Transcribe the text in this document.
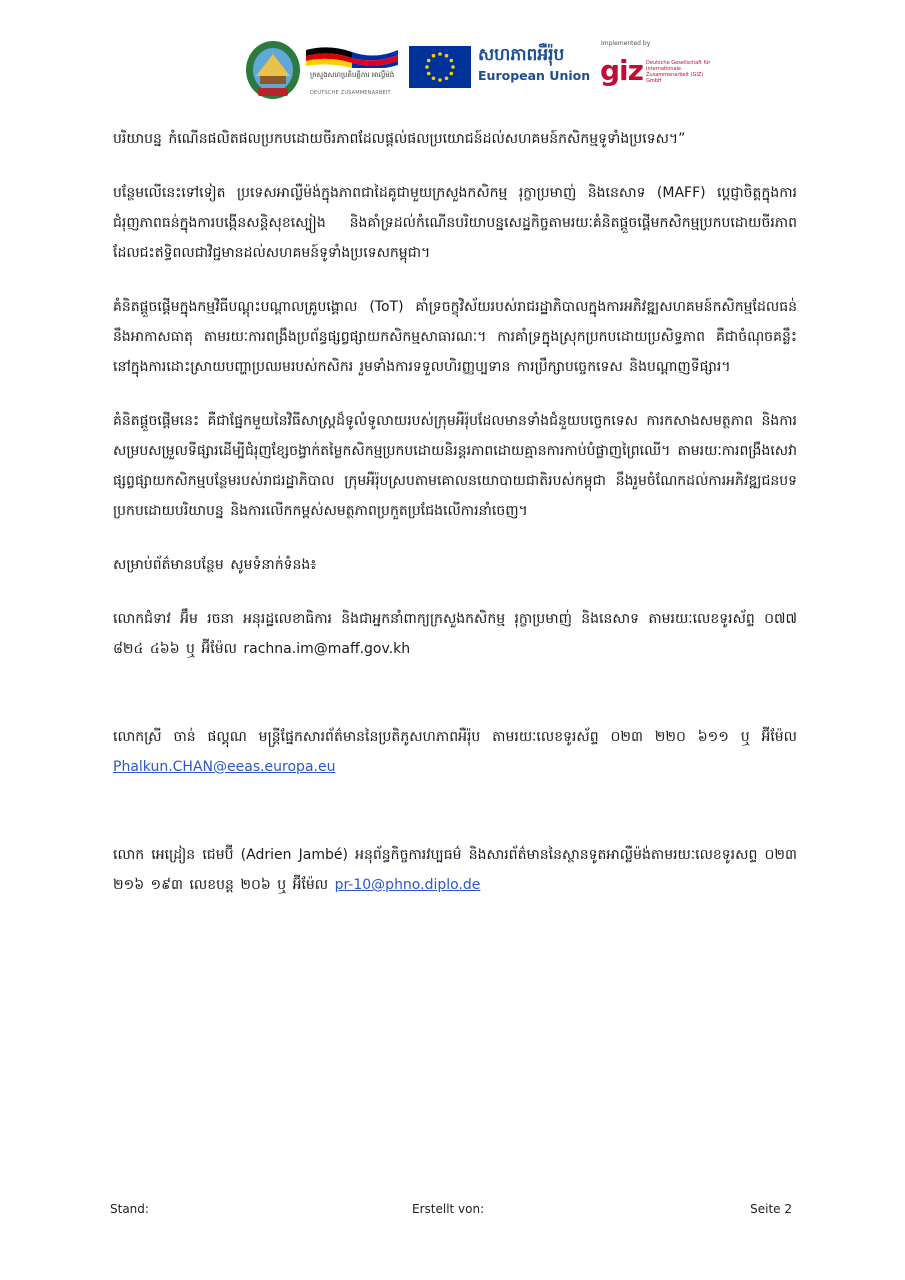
ក្រសួងសហប្រតិបត្តិការ អាល្លឺម៉ង់
DEUTSCHE ZUSAMMENARBEIT
សហភាពអឺរ៉ុប
European Union
Implemented by
giz Deutsche Gesellschaft für Internationale Zusammenarbeit (GIZ) GmbH

បរិយាបន្ន កំណើនផលិតផលប្រកបដោយចីរភាពដែលផ្តល់ផលប្រយោជន៍ដល់សហគមន៍កសិកម្មទូទាំងប្រទេស។”

បន្ថែមលើនេះទៅទៀត ប្រទេសអាល្លឺម៉ង់ក្នុងភាពជាដៃគូជាមួយក្រសួងកសិកម្ម រុក្ខាប្រមាញ់ និងនេសាទ (MAFF) ប្តេជ្ញាចិត្តក្នុងការជំរុញភាពធន់ក្នុងការបង្កើនសន្តិសុខស្បៀង និងគាំទ្រដល់កំណើនបរិយាបន្នសេដ្ឋកិច្ចតាមរយៈគំនិតផ្តួចផ្តើមកសិកម្មប្រកបដោយចីរភាពដែលជះឥទ្ធិពលជាវិជ្ជមានដល់សហគមន៍ទូទាំងប្រទេសកម្ពុជា។

គំនិតផ្តួចផ្តើមក្នុងកម្មវិធីបណ្តុះបណ្តាលគ្រូបង្គោល (ToT) គាំទ្រចក្ខុវិស័យរបស់រាជរដ្ឋាភិបាលក្នុងការអភិវឌ្ឍសហគមន៍កសិកម្មដែលធន់នឹងអាកាសធាតុ តាមរយៈការពង្រឹងប្រព័ន្ធផ្សព្វផ្សាយកសិកម្មសាធារណៈ។ ការគាំទ្រក្នុងស្រុកប្រកបដោយប្រសិទ្ធភាព គឺជាចំណុចគន្លឹះនៅក្នុងការដោះស្រាយបញ្ហាប្រឈមរបស់កសិករ រួមទាំងការទទួលហិរញ្ញប្បទាន ការប្រឹក្សាបច្ចេកទេស និងបណ្តាញទីផ្សារ។

គំនិតផ្តួចផ្តើមនេះ គឺជាផ្នែកមួយនៃវិធីសាស្ត្រដ៏ទូលំទូលាយរបស់ក្រុមអឺរ៉ុបដែលមានទាំងជំនួយបច្ចេកទេស ការកសាងសមត្ថភាព និងការសម្របសម្រួលទីផ្សារដើម្បីជំរុញខ្សែចង្វាក់តម្លៃកសិកម្មប្រកបដោយនិរន្តរភាពដោយគ្មានការកាប់បំផ្លាញព្រៃឈើ។ តាមរយៈការពង្រឹងសេវាផ្សព្វផ្សាយកសិកម្មបន្ថែមរបស់រាជរដ្ឋាភិបាល ក្រុមអឺរ៉ុបស្របតាមគោលនយោបាយជាតិរបស់កម្ពុជា នឹងរួមចំណែកដល់ការអភិវឌ្ឍជនបទប្រកបដោយបរិយាបន្ន និងការលើកកម្ពស់សមត្ថភាពប្រកួតប្រជែងលើការនាំចេញ។

សម្រាប់ព័ត៌មានបន្ថែម សូមទំនាក់ទំនង៖

លោកជំទាវ អ៊ឹម រចនា អនុរដ្ឋលេខាធិការ និងជាអ្នកនាំពាក្យក្រសួងកសិកម្ម រុក្ខាប្រមាញ់ និងនេសាទ តាមរយៈលេខទូរស័ព្ទ ០៧៧ ៨២៤ ៤៦៦ ឬ អ៊ីម៉ែល rachna.im@maff.gov.kh

លោកស្រី ចាន់ ផល្គុណ មន្ត្រីផ្នែកសារព័ត៌មាននៃប្រតិភូសហភាពអឺរ៉ុប តាមរយៈលេខទូរស័ព្ទ ០២៣ ២២០ ៦១១ ឬ អ៊ីម៉ែល Phalkun.CHAN@eeas.europa.eu

លោក អេដ្រៀន ជេមប៊ី (Adrien Jambé) អនុព័ន្ធកិច្ចការវប្បធម៌ និងសារព័ត៌មាននៃស្ថានទូតអាល្លឺម៉ង់តាមរយៈលេខទូរសព្ទ ០២៣ ២១៦ ១៩៣ លេខបន្ត ២០៦ ឬ អ៊ីម៉ែល pr-10@phno.diplo.de

Stand:	Erstellt von:	Seite 2
